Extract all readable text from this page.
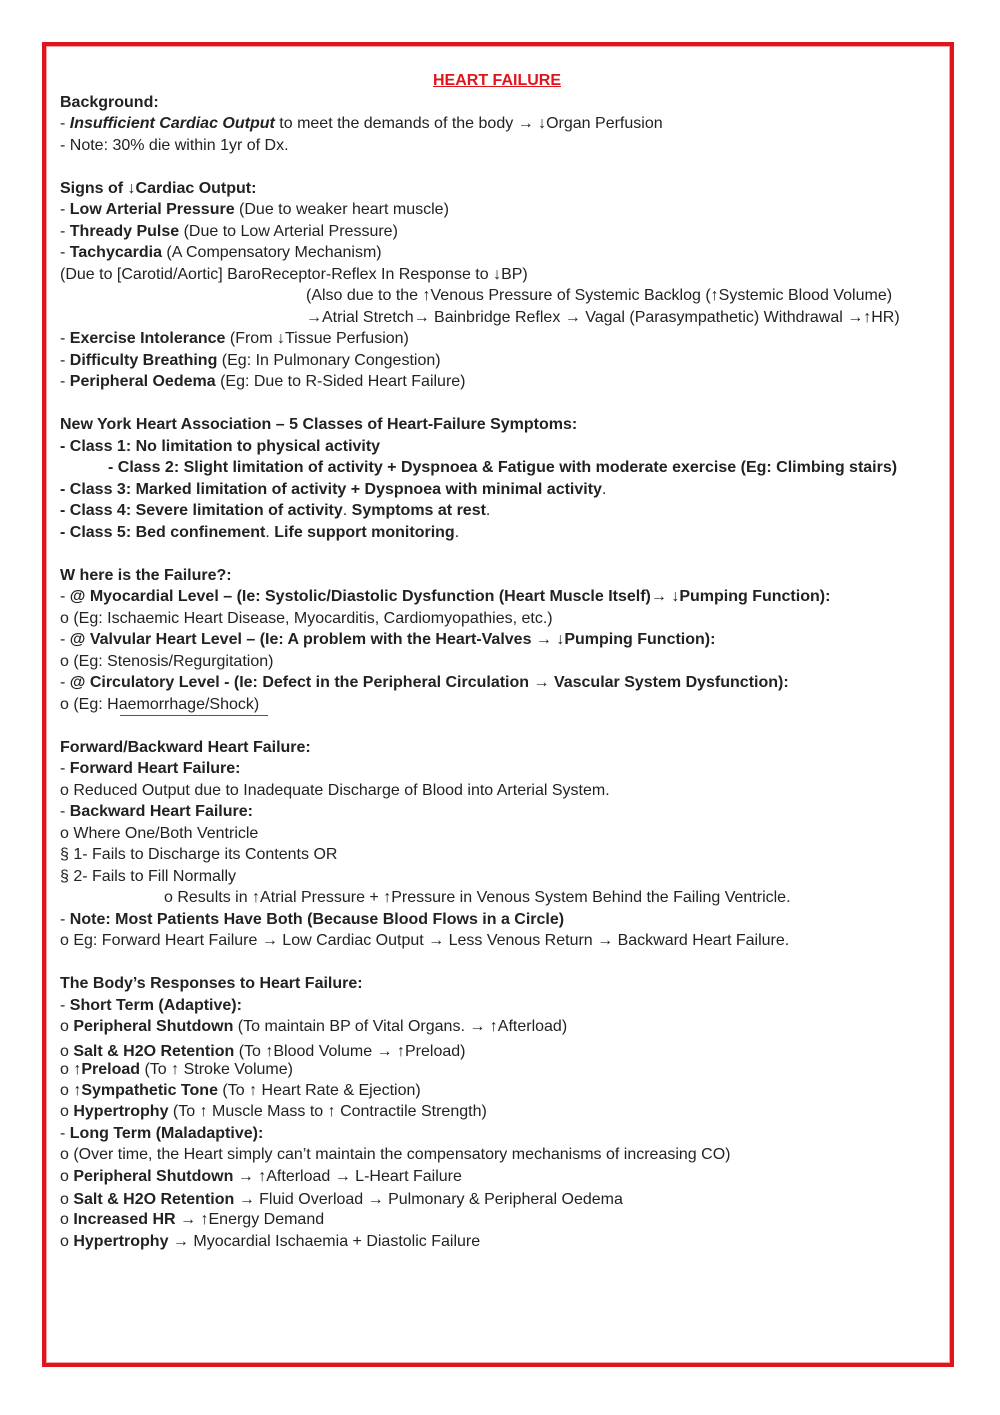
HEART FAILURE
Background:
- Insufficient Cardiac Output to meet the demands of the body → ↓Organ Perfusion
- Note: 30% die within 1yr of Dx.
Signs of ↓Cardiac Output:
- Low Arterial Pressure (Due to weaker heart muscle)
- Thready Pulse (Due to Low Arterial Pressure)
- Tachycardia (A Compensatory Mechanism)
(Due to [Carotid/Aortic] BaroReceptor-Reflex In Response to ↓BP)
(Also due to the ↑Venous Pressure of Systemic Backlog (↑Systemic Blood Volume)
→Atrial Stretch→ Bainbridge Reflex → Vagal (Parasympathetic) Withdrawal →↑HR)
- Exercise Intolerance (From ↓Tissue Perfusion)
- Difficulty Breathing (Eg: In Pulmonary Congestion)
- Peripheral Oedema (Eg: Due to R-Sided Heart Failure)
New York Heart Association – 5 Classes of Heart-Failure Symptoms:
- Class 1: No limitation to physical activity
- Class 2: Slight limitation of activity + Dyspnoea & Fatigue with moderate exercise (Eg: Climbing stairs)
- Class 3: Marked limitation of activity + Dyspnoea with minimal activity.
- Class 4: Severe limitation of activity. Symptoms at rest.
- Class 5: Bed confinement. Life support monitoring.
W here is the Failure?:
- @ Myocardial Level – (Ie: Systolic/Diastolic Dysfunction (Heart Muscle Itself)→ ↓Pumping Function):
o (Eg: Ischaemic Heart Disease, Myocarditis, Cardiomyopathies, etc.)
- @ Valvular Heart Level – (Ie: A problem with the Heart-Valves → ↓Pumping Function):
o (Eg: Stenosis/Regurgitation)
- @ Circulatory Level - (Ie: Defect in the Peripheral Circulation → Vascular System Dysfunction):
o (Eg: Haemorrhage/Shock)
Forward/Backward Heart Failure:
- Forward Heart Failure:
o Reduced Output due to Inadequate Discharge of Blood into Arterial System.
- Backward Heart Failure:
o Where One/Both Ventricle
§ 1- Fails to Discharge its Contents OR
§ 2- Fails to Fill Normally
o Results in ↑Atrial Pressure + ↑Pressure in Venous System Behind the Failing Ventricle.
- Note: Most Patients Have Both (Because Blood Flows in a Circle)
o Eg: Forward Heart Failure → Low Cardiac Output → Less Venous Return → Backward Heart Failure.
The Body’s Responses to Heart Failure:
- Short Term (Adaptive):
o Peripheral Shutdown (To maintain BP of Vital Organs. → ↑Afterload)
o Salt & H2O Retention (To ↑Blood Volume → ↑Preload)
o ↑Preload (To ↑ Stroke Volume)
o ↑Sympathetic Tone (To ↑ Heart Rate & Ejection)
o Hypertrophy (To ↑ Muscle Mass to ↑ Contractile Strength)
- Long Term (Maladaptive):
o (Over time, the Heart simply can’t maintain the compensatory mechanisms of increasing CO)
o Peripheral Shutdown → ↑Afterload → L-Heart Failure
o Salt & H2O Retention → Fluid Overload → Pulmonary & Peripheral Oedema
o Increased HR → ↑Energy Demand
o Hypertrophy → Myocardial Ischaemia + Diastolic Failure
